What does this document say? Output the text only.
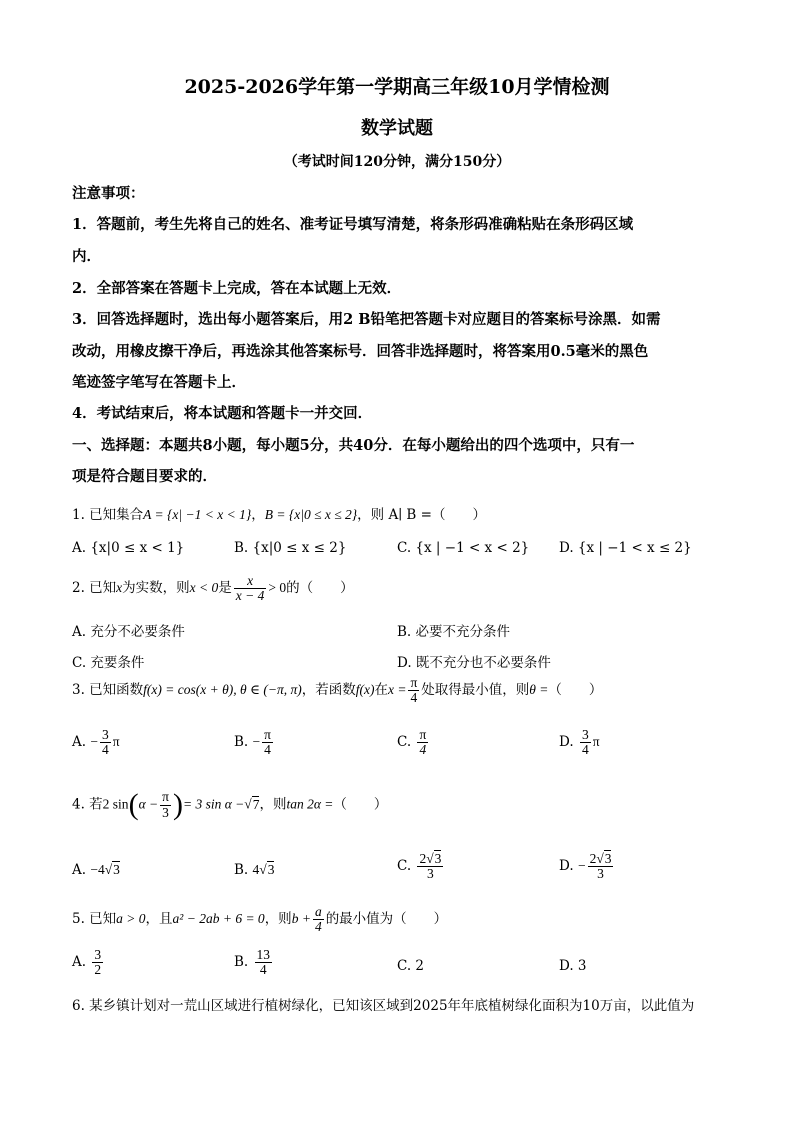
2025-2026学年第一学期高三年级10月学情检测
数学试题
（考试时间120分钟，满分150分）
注意事项：
1．答题前，考生先将自己的姓名、准考证号填写清楚，将条形码准确粘贴在条形码区域
内．
2．全部答案在答题卡上完成，答在本试题上无效．
3．回答选择题时，选出每小题答案后，用2 B铅笔把答题卡对应题目的答案标号涂黑．如需
改动，用橡皮擦干净后，再选涂其他答案标号．回答非选择题时，将答案用0.5毫米的黑色
笔迹签字笔写在答题卡上．
4．考试结束后，将本试题和答题卡一并交回．
一、选择题：本题共8小题，每小题5分，共40分．在每小题给出的四个选项中，只有一
项是符合题目要求的．
1. 已知集合A = {x| −1 < x < 1}，B = {x|0 ≤ x ≤ 2}，则 A∣ B =（　　）
A. {x|0 ≤ x < 1}	B. {x|0 ≤ x ≤ 2}	C. {x | −1 < x < 2} D. {x | −1 < x ≤ 2}
2. 已知x为实数，则x < 0是 $\frac{x}{x - 4} > 0$的（　　）
A. 充分不必要条件	B. 必要不充分条件
C. 充要条件	D. 既不充分也不必要条件
3. 已知函数f(x) = cos(x + θ), θ ∈ (−π, π)，若函数f(x)在$x = \frac{\pi}{4}$ 处取得最小值，则θ =（　　）
A. − $\frac{3}{4}$ π	B. − $\frac{\pi}{4}$	C. $\frac{\pi}{4}$	D. $\frac{3}{4}$ π
4. 若2 $\sin(\alpha - \frac{\pi}{3}$ )= 3 sin α −√7，则tan 2α =（　　）
A. −4√3	B. 4√3	C. $\frac{2√3}{3}$	D. − $\frac{2√3}{3}$
5. 已知a > 0，且a² − 2ab + 6 = 0，则$b + \frac{a}{4}$ 的最小值为（　　）
A. $\frac{3}{2}$	B. $\frac{13}{4}$	C. 2	D. 3
6. 某乡镇计划对一荒山区域进行植树绿化，已知该区域到2025年年底植树绿化面积为10万亩，以此值为
